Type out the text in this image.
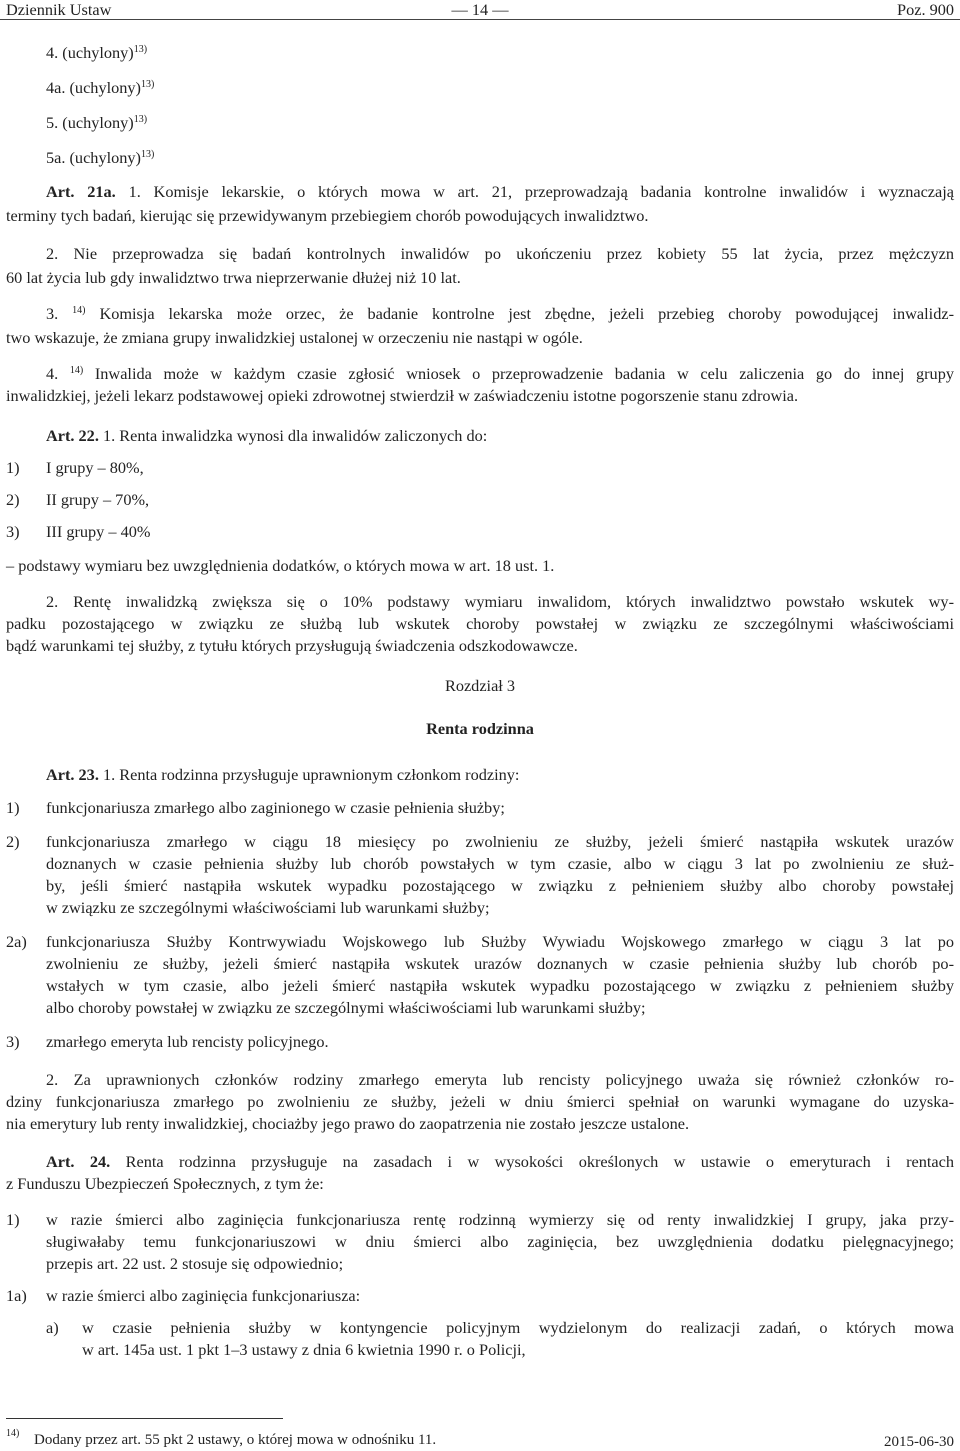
Dziennik Ustaw	— 14 —	Poz. 900
4. (uchylony)$^{13)}$
4a. (uchylony)$^{13)}$
5. (uchylony)$^{13)}$
5a. (uchylony)$^{13)}$
Art. 21a. 1. Komisje lekarskie, o których mowa w art. 21, przeprowadzają badania kontrolne inwalidów i wyznaczają
terminy tych badań, kierując się przewidywanym przebiegiem chorób powodujących inwalidztwo.
2. Nie przeprowadza się badań kontrolnych inwalidów po ukończeniu przez kobiety 55 lat życia, przez mężczyzn
60 lat życia lub gdy inwalidztwo trwa nieprzerwanie dłużej niż 10 lat.
3. $^{14)}$ Komisja lekarska może orzec, że badanie kontrolne jest zbędne, jeżeli przebieg choroby powodującej inwalidz-
two wskazuje, że zmiana grupy inwalidzkiej ustalonej w orzeczeniu nie nastąpi w ogóle.
4. $^{14)}$ Inwalida może w każdym czasie zgłosić wniosek o przeprowadzenie badania w celu zaliczenia go do innej grupy
inwalidzkiej, jeżeli lekarz podstawowej opieki zdrowotnej stwierdził w zaświadczeniu istotne pogorszenie stanu zdrowia.
Art. 22. 1. Renta inwalidzka wynosi dla inwalidów zaliczonych do:
1) I grupy – 80%,
2) II grupy – 70%,
3) III grupy – 40%
– podstawy wymiaru bez uwzględnienia dodatków, o których mowa w art. 18 ust. 1.
2. Rentę inwalidzką zwiększa się o 10% podstawy wymiaru inwalidom, których inwalidztwo powstało wskutek wy-
padku pozostającego w związku ze służbą lub wskutek choroby powstałej w związku ze szczególnymi właściwościami
bądź warunkami tej służby, z tytułu których przysługują świadczenia odszkodowawcze.
Rozdział 3
Renta rodzinna
Art. 23. 1. Renta rodzinna przysługuje uprawnionym członkom rodziny:
1) funkcjonariusza zmarłego albo zaginionego w czasie pełnienia służby;
2) funkcjonariusza zmarłego w ciągu 18 miesięcy po zwolnieniu ze służby, jeżeli śmierć nastąpiła wskutek urazów
doznanych w czasie pełnienia służby lub chorób powstałych w tym czasie, albo w ciągu 3 lat po zwolnieniu ze służ-
by, jeśli śmierć nastąpiła wskutek wypadku pozostającego w związku z pełnieniem służby albo choroby powstałej
w związku ze szczególnymi właściwościami lub warunkami służby;
2a) funkcjonariusza Służby Kontrwywiadu Wojskowego lub Służby Wywiadu Wojskowego zmarłego w ciągu 3 lat po
zwolnieniu ze służby, jeżeli śmierć nastąpiła wskutek urazów doznanych w czasie pełnienia służby lub chorób po-
wstałych w tym czasie, albo jeżeli śmierć nastąpiła wskutek wypadku pozostającego w związku z pełnieniem służby
albo choroby powstałej w związku ze szczególnymi właściwościami lub warunkami służby;
3) zmarłego emeryta lub rencisty policyjnego.
2. Za uprawnionych członków rodziny zmarłego emeryta lub rencisty policyjnego uważa się również członków ro-
dziny funkcjonariusza zmarłego po zwolnieniu ze służby, jeżeli w dniu śmierci spełniał on warunki wymagane do uzyska-
nia emerytury lub renty inwalidzkiej, chociażby jego prawo do zaopatrzenia nie zostało jeszcze ustalone.
Art. 24. Renta rodzinna przysługuje na zasadach i w wysokości określonych w ustawie o emeryturach i rentach
z Funduszu Ubezpieczeń Społecznych, z tym że:
1) w razie śmierci albo zaginięcia funkcjonariusza rentę rodzinną wymierzy się od renty inwalidzkiej I grupy, jaka przy-
sługiwałaby temu funkcjonariuszowi w dniu śmierci albo zaginięcia, bez uwzględnienia dodatku pielęgnacyjnego;
przepis art. 22 ust. 2 stosuje się odpowiednio;
1a) w razie śmierci albo zaginięcia funkcjonariusza:
a) w czasie pełnienia służby w kontyngencie policyjnym wydzielonym do realizacji zadań, o których mowa
w art. 145a ust. 1 pkt 1–3 ustawy z dnia 6 kwietnia 1990 r. o Policji,
$^{14)}$ Dodany przez art. 55 pkt 2 ustawy, o której mowa w odnośniku 11.	2015-06-30
